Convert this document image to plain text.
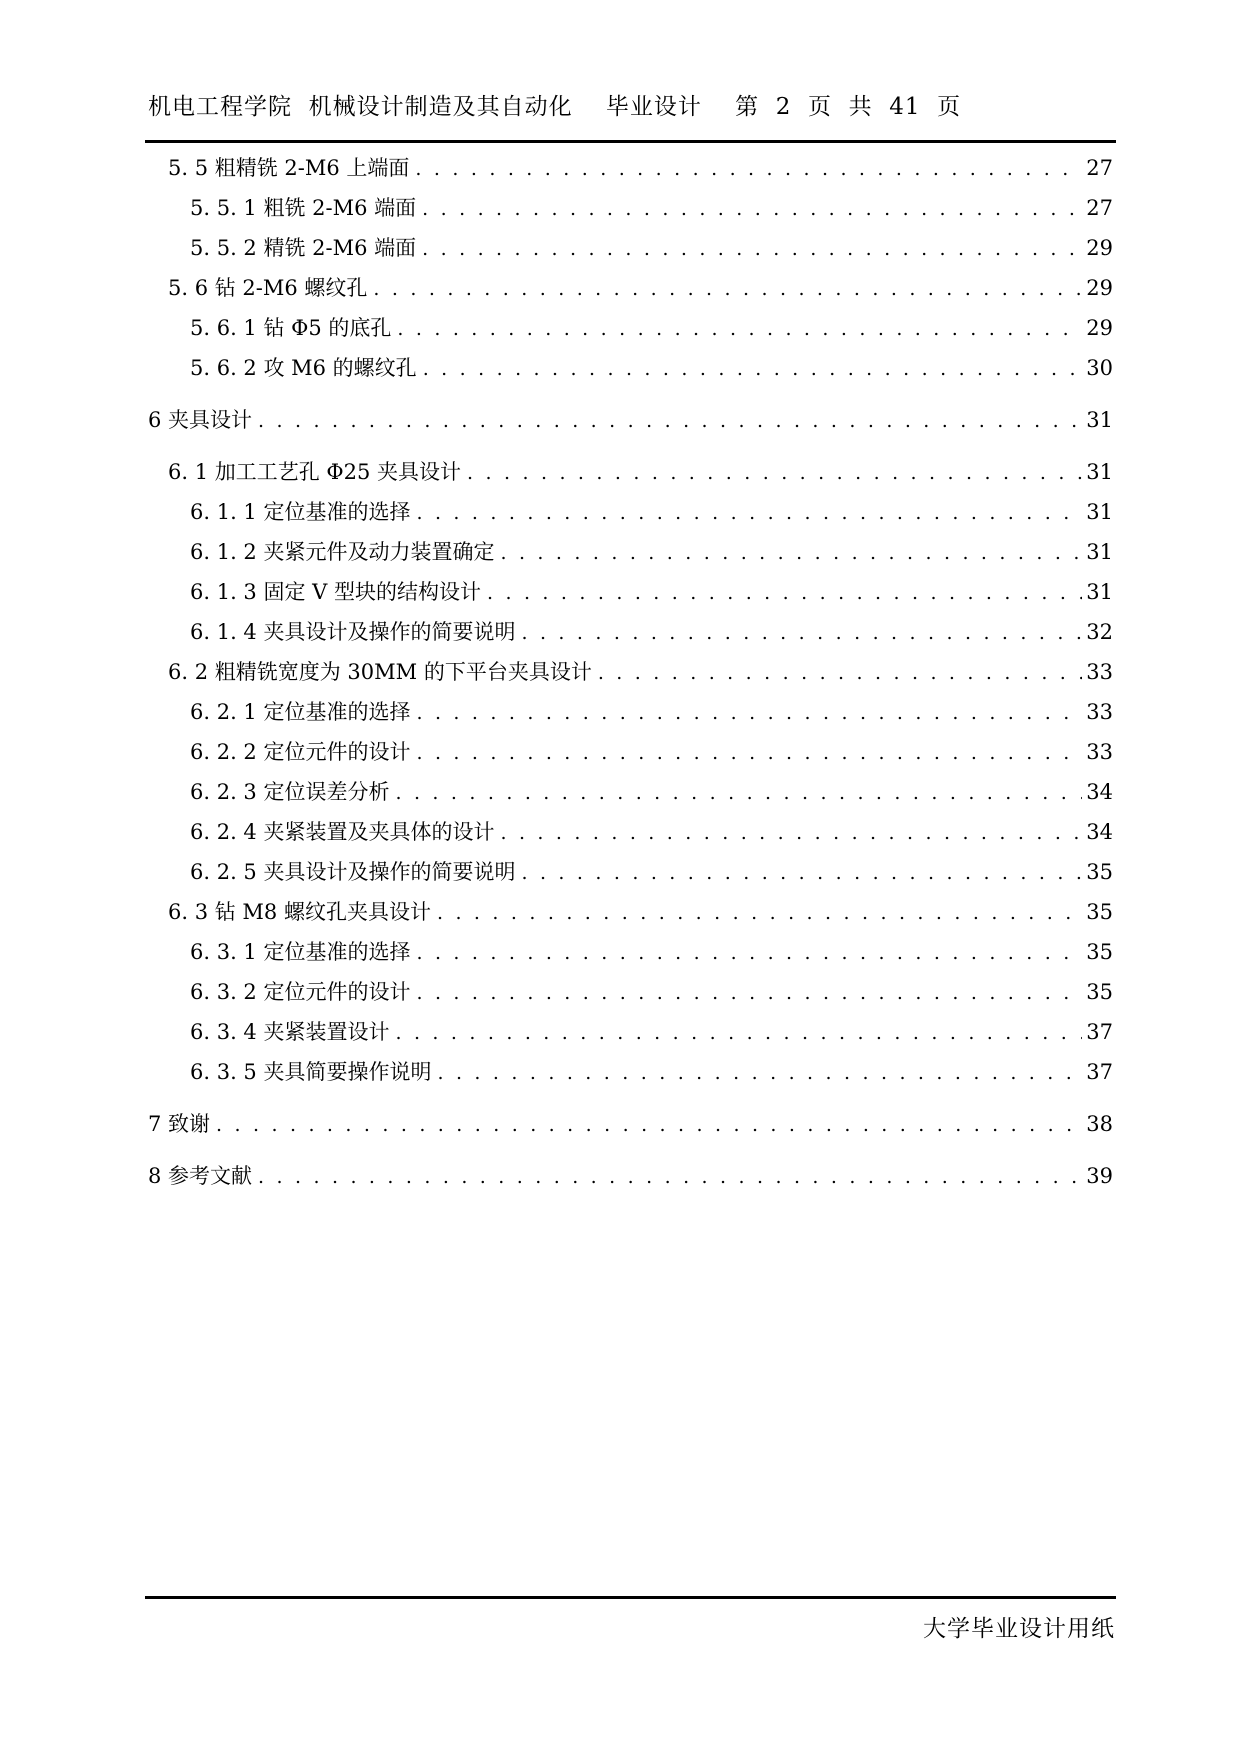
机电工程学院  机械设计制造及其自动化    毕业设计    第  2  页  共  41  页
5. 5 粗精铣 2-M6 上端面 . . .	27
5. 5. 1 粗铣 2-M6 端面 . . .	27
5. 5. 2 精铣 2-M6 端面 . . .	29
5. 6 钻 2-M6 螺纹孔 . . .	29
5. 6. 1 钻 Φ5 的底孔 . . .	29
5. 6. 2 攻 M6 的螺纹孔 . . .	30
6 夹具设计 . . .	31
6. 1 加工工艺孔 Φ25 夹具设计 . . .	31
6. 1. 1 定位基准的选择 . . .	31
6. 1. 2 夹紧元件及动力装置确定 . . .	31
6. 1. 3 固定 V 型块的结构设计 . . .	31
6. 1. 4 夹具设计及操作的简要说明 . . .	32
6. 2 粗精铣宽度为 30MM 的下平台夹具设计 . . .	33
6. 2. 1 定位基准的选择 . . .	33
6. 2. 2 定位元件的设计 . . .	33
6. 2. 3 定位误差分析 . . .	34
6. 2. 4 夹紧装置及夹具体的设计 . . .	34
6. 2. 5 夹具设计及操作的简要说明 . . .	35
6. 3 钻 M8 螺纹孔夹具设计 . . .	35
6. 3. 1 定位基准的选择 . . .	35
6. 3. 2 定位元件的设计 . . .	35
6. 3. 4 夹紧装置设计 . . .	37
6. 3. 5 夹具简要操作说明 . . .	37
7 致谢 . . .	38
8 参考文献 . . .	39
大学毕业设计用纸
